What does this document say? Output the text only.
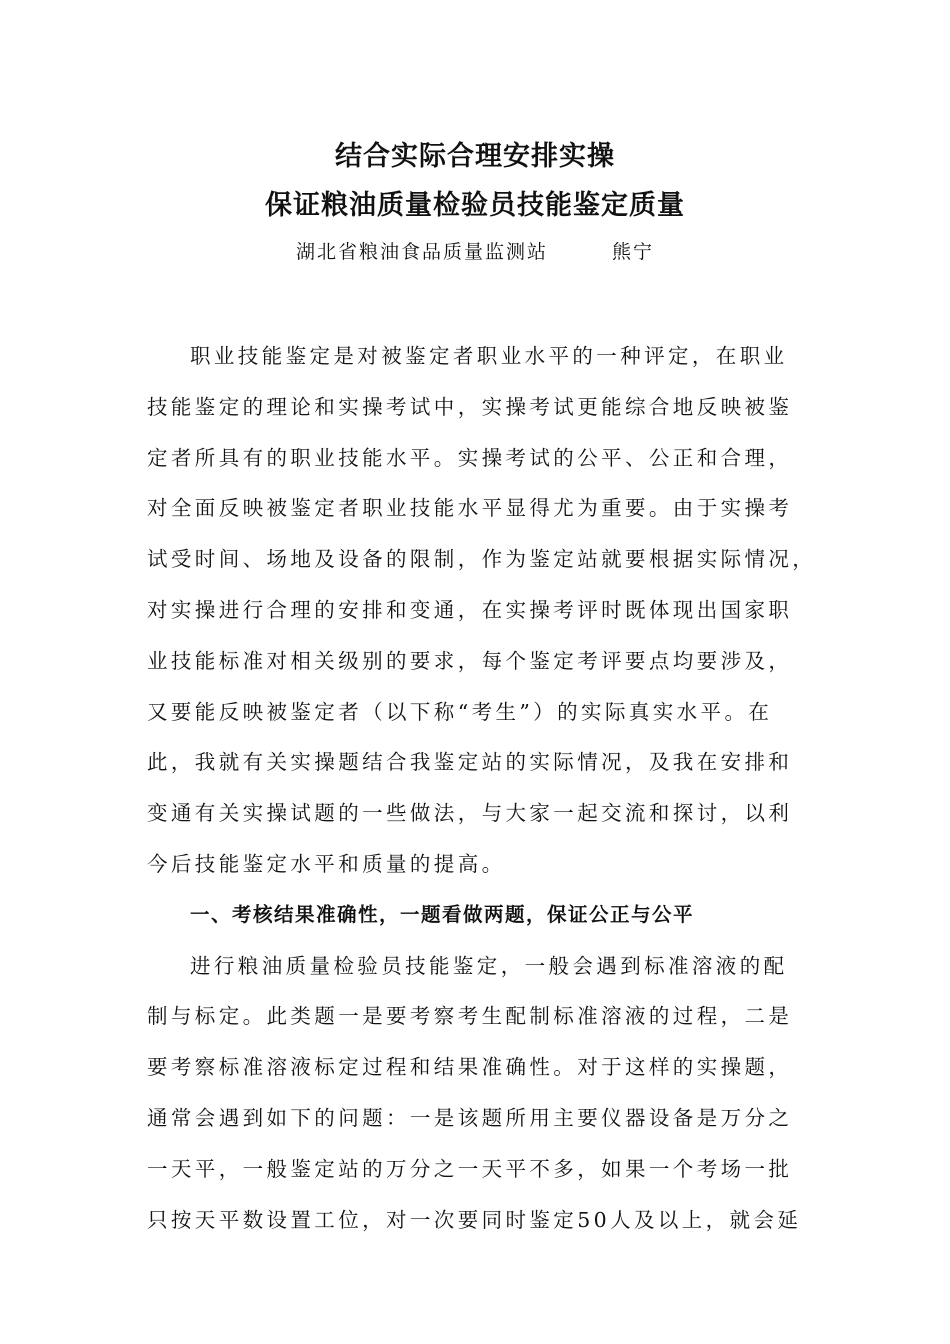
结合实际合理安排实操
保证粮油质量检验员技能鉴定质量
湖北省粮油食品质量监测站	熊宁
职业技能鉴定是对被鉴定者职业水平的一种评定，在职业
技能鉴定的理论和实操考试中，实操考试更能综合地反映被鉴
定者所具有的职业技能水平。实操考试的公平、公正和合理，
对全面反映被鉴定者职业技能水平显得尤为重要。由于实操考
试受时间、场地及设备的限制，作为鉴定站就要根据实际情况，
对实操进行合理的安排和变通，在实操考评时既体现出国家职
业技能标准对相关级别的要求，每个鉴定考评要点均要涉及，
又要能反映被鉴定者（以下称“考生”）的实际真实水平。在
此，我就有关实操题结合我鉴定站的实际情况，及我在安排和
变通有关实操试题的一些做法，与大家一起交流和探讨，以利
今后技能鉴定水平和质量的提高。
一、考核结果准确性，一题看做两题，保证公正与公平
进行粮油质量检验员技能鉴定，一般会遇到标准溶液的配
制与标定。此类题一是要考察考生配制标准溶液的过程，二是
要考察标准溶液标定过程和结果准确性。对于这样的实操题，
通常会遇到如下的问题：一是该题所用主要仪器设备是万分之
一天平，一般鉴定站的万分之一天平不多，如果一个考场一批
只按天平数设置工位，对一次要同时鉴定50人及以上，就会延
